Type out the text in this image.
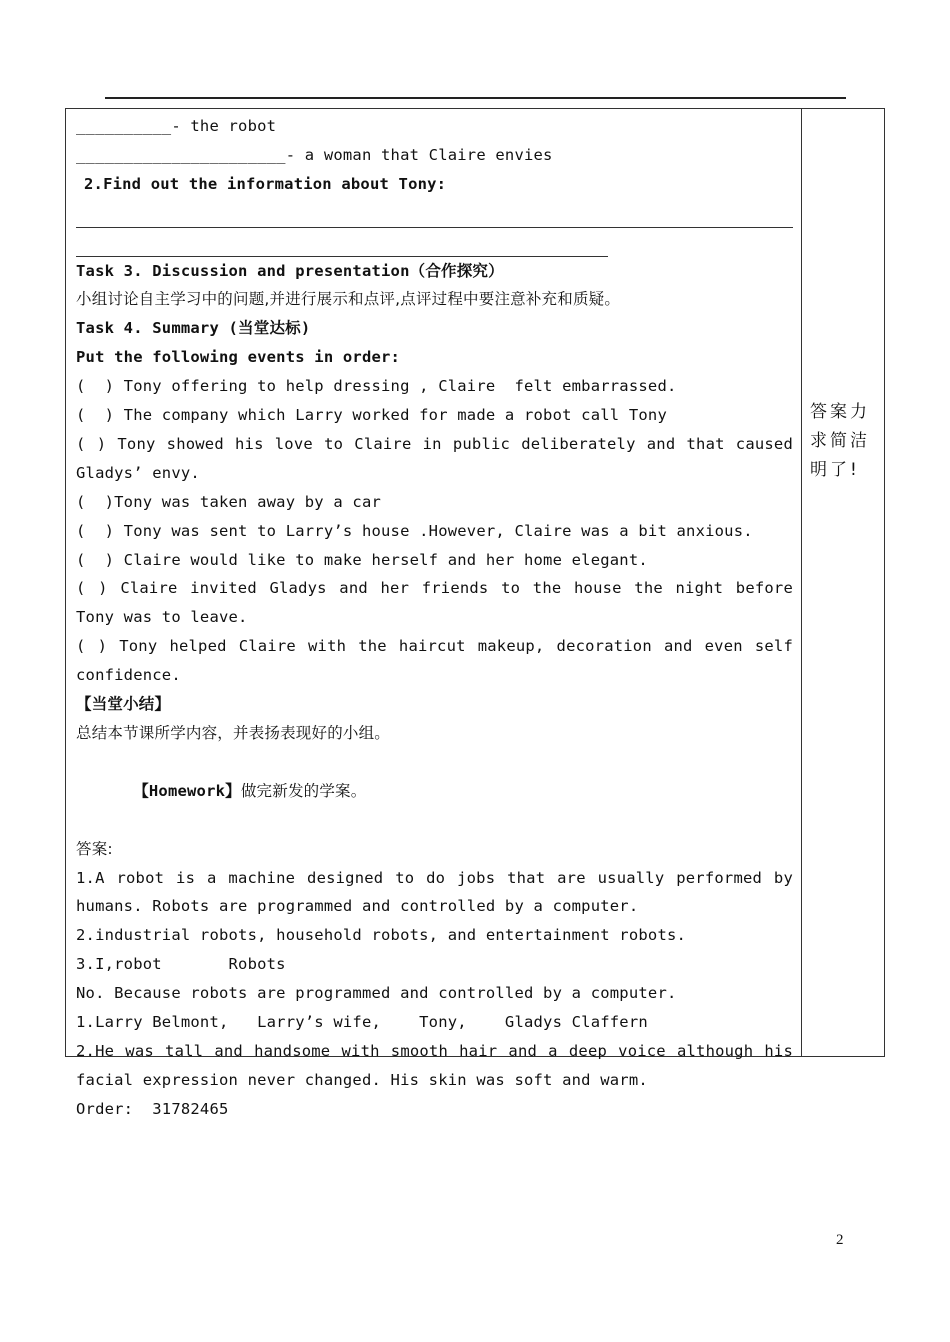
__________- the robot
______________________- a woman that Claire envies
2.Find out the information about Tony:
Task 3. Discussion and presentation（合作探究）
小组讨论自主学习中的问题,并进行展示和点评,点评过程中要注意补充和质疑。
Task 4. Summary (当堂达标)
Put the following events in order:
(  ) Tony offering to help dressing , Claire  felt embarrassed.
(  ) The company which Larry worked for made a robot call Tony
( ) Tony showed his love to Claire in public deliberately and that caused Gladys’ envy.
(  )Tony was taken away by a car
(  ) Tony was sent to Larry’s house .However, Claire was a bit anxious.
(  ) Claire would like to make herself and her home elegant.
( ) Claire invited Gladys and her friends to the house the night before Tony was to leave.
( ) Tony helped Claire with the haircut makeup, decoration and even self confidence.
【当堂小结】
总结本节课所学内容，并表扬表现好的小组。

【Homework】做完新发的学案。

答案:
1.A robot is a machine designed to do jobs that are usually performed by humans. Robots are programmed and controlled by a computer.
2.industrial robots, household robots, and entertainment robots.
3.I,robot       Robots
No. Because robots are programmed and controlled by a computer.
1.Larry Belmont,   Larry’s wife,    Tony,    Gladys Claffern
2.He was tall and handsome with smooth hair and a deep voice although his facial expression never changed. His skin was soft and warm.
Order:  31782465
答案力求简洁明了!
2
